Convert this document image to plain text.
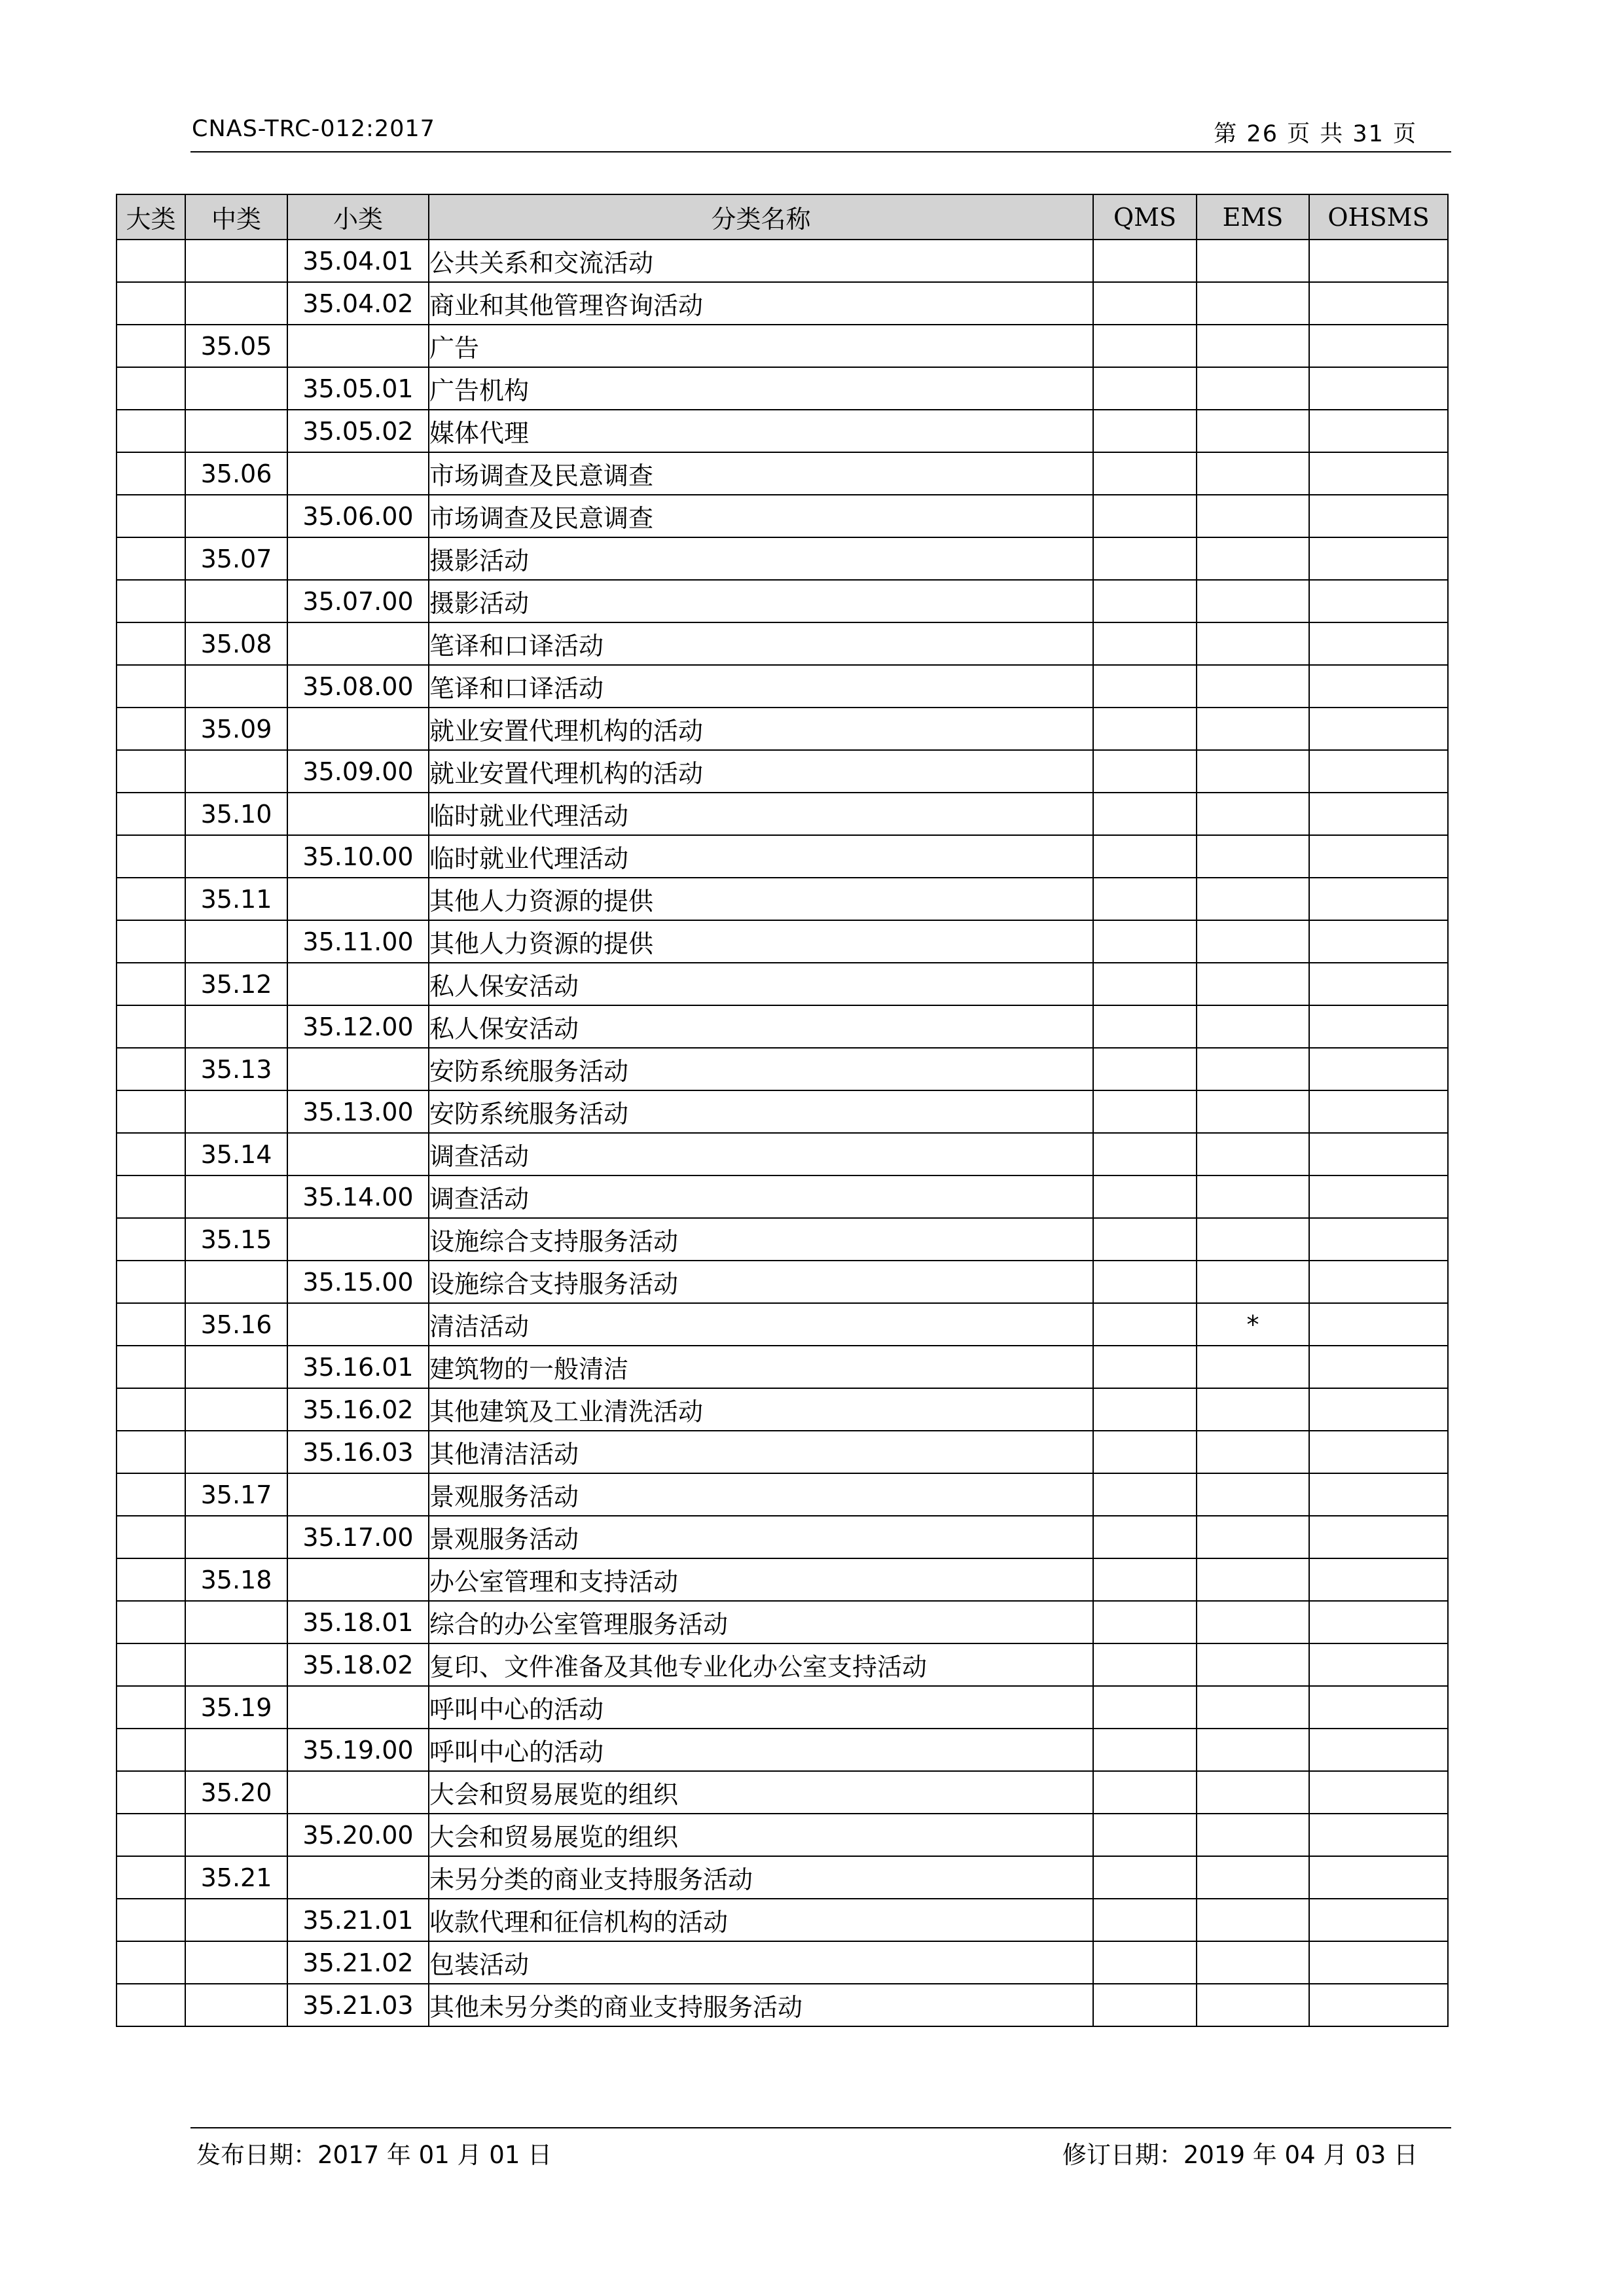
CNAS-TRC-012:2017	第 26 页 共 31 页
大类	中类	小类	分类名称	QMS	EMS	OHSMS
		35.04.01	公共关系和交流活动			
		35.04.02	商业和其他管理咨询活动			
	35.05		广告			
		35.05.01	广告机构			
		35.05.02	媒体代理			
	35.06		市场调查及民意调查			
		35.06.00	市场调查及民意调查			
	35.07		摄影活动			
		35.07.00	摄影活动			
	35.08		笔译和口译活动			
		35.08.00	笔译和口译活动			
	35.09		就业安置代理机构的活动			
		35.09.00	就业安置代理机构的活动			
	35.10		临时就业代理活动			
		35.10.00	临时就业代理活动			
	35.11		其他人力资源的提供			
		35.11.00	其他人力资源的提供			
	35.12		私人保安活动			
		35.12.00	私人保安活动			
	35.13		安防系统服务活动			
		35.13.00	安防系统服务活动			
	35.14		调查活动			
		35.14.00	调查活动			
	35.15		设施综合支持服务活动			
		35.15.00	设施综合支持服务活动			
	35.16		清洁活动		*	
		35.16.01	建筑物的一般清洁			
		35.16.02	其他建筑及工业清洗活动			
		35.16.03	其他清洁活动			
	35.17		景观服务活动			
		35.17.00	景观服务活动			
	35.18		办公室管理和支持活动			
		35.18.01	综合的办公室管理服务活动			
		35.18.02	复印、文件准备及其他专业化办公室支持活动			
	35.19		呼叫中心的活动			
		35.19.00	呼叫中心的活动			
	35.20		大会和贸易展览的组织			
		35.20.00	大会和贸易展览的组织			
	35.21		未另分类的商业支持服务活动			
		35.21.01	收款代理和征信机构的活动			
		35.21.02	包装活动			
		35.21.03	其他未另分类的商业支持服务活动			
发布日期：2017 年 01 月 01 日	修订日期：2019 年 04 月 03 日
